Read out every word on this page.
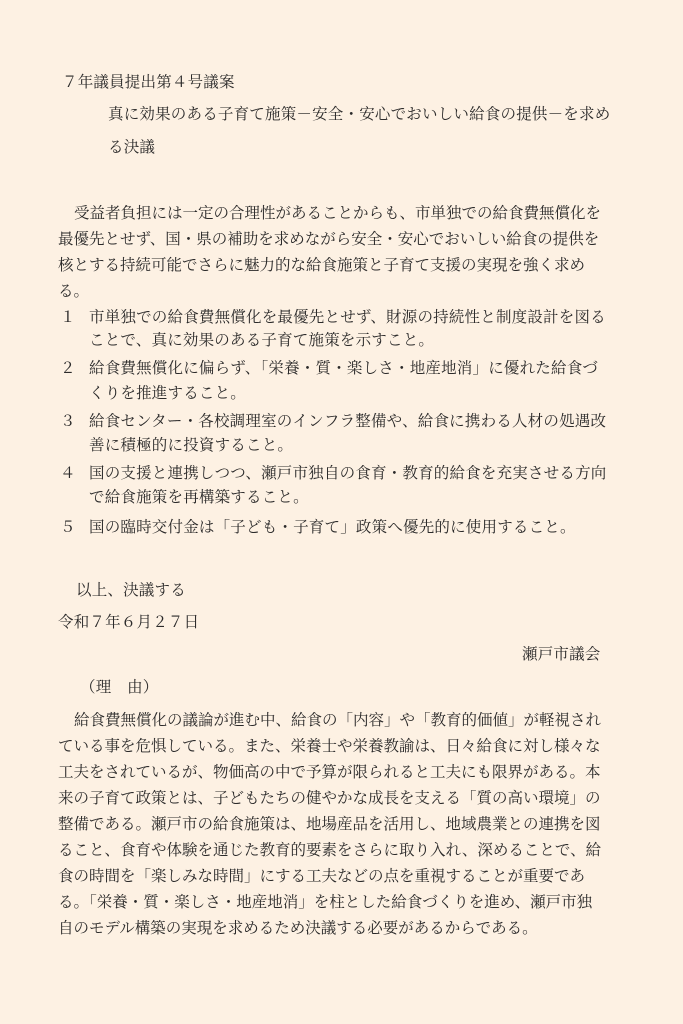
７年議員提出第４号議案
真に効果のある子育て施策－安全・安心でおいしい給食の提供－を求め
る決議
受益者負担には一定の合理性があることからも、市単独での給食費無償化を
最優先とせず、国・県の補助を求めながら安全・安心でおいしい給食の提供を
核とする持続可能でさらに魅力的な給食施策と子育て支援の実現を強く求め
る。
１ 市単独での給食費無償化を最優先とせず、財源の持続性と制度設計を図る
ことで、真に効果のある子育て施策を示すこと。
２ 給食費無償化に偏らず、「栄養・質・楽しさ・地産地消」に優れた給食づ
くりを推進すること。
３ 給食センター・各校調理室のインフラ整備や、給食に携わる人材の処遇改
善に積極的に投資すること。
４ 国の支援と連携しつつ、瀬戸市独自の食育・教育的給食を充実させる方向
で給食施策を再構築すること。
５ 国の臨時交付金は「子ども・子育て」政策へ優先的に使用すること。
以上、決議する
令和７年６月２７日
瀬戸市議会
（理　由）
給食費無償化の議論が進む中、給食の「内容」や「教育的価値」が軽視され
ている事を危惧している。また、栄養士や栄養教諭は、日々給食に対し様々な
工夫をされているが、物価高の中で予算が限られると工夫にも限界がある。本
来の子育て政策とは、子どもたちの健やかな成長を支える「質の高い環境」の
整備である。瀬戸市の給食施策は、地場産品を活用し、地域農業との連携を図
ること、食育や体験を通じた教育的要素をさらに取り入れ、深めることで、給
食の時間を「楽しみな時間」にする工夫などの点を重視することが重要であ
る。「栄養・質・楽しさ・地産地消」を柱とした給食づくりを進め、瀬戸市独
自のモデル構築の実現を求めるため決議する必要があるからである。
